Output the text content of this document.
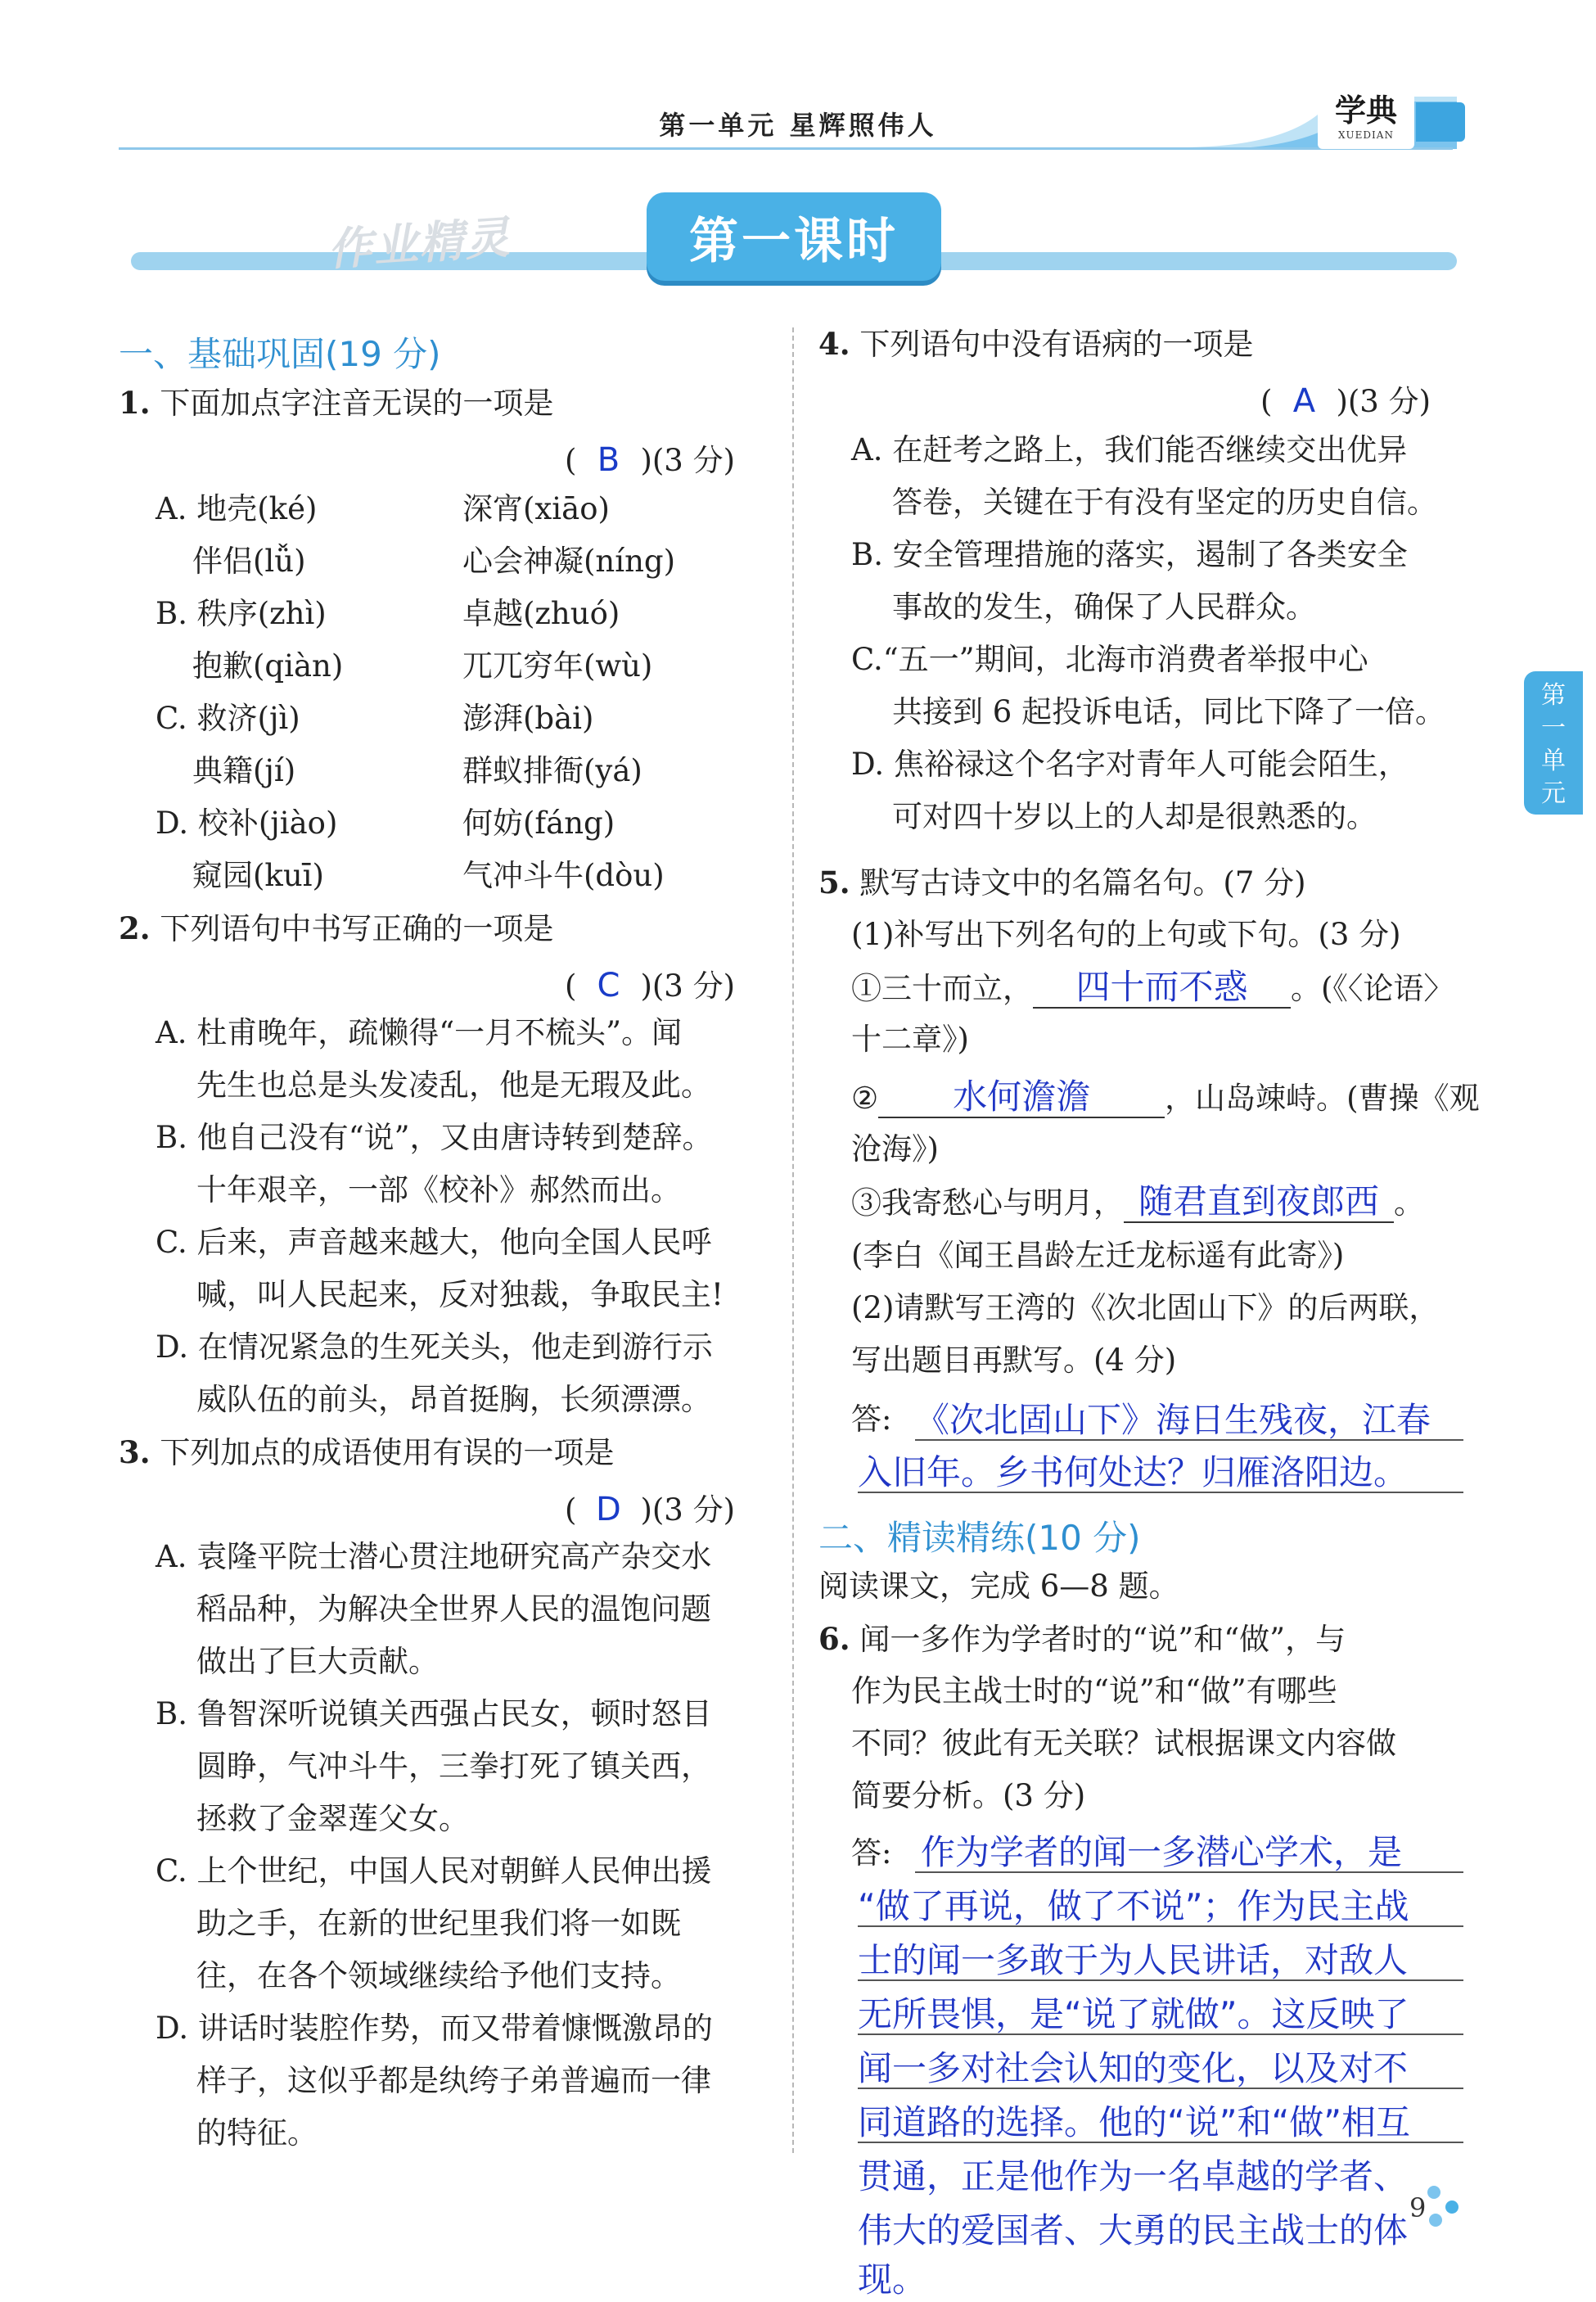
第一单元 星辉照伟人	学典
XUEDIAN
作业精灵	第一课时
第一单元
一、基础巩固(19 分)
1. 下面加点字注音无误的一项是
( B )(3 分)
A. 地壳(ké)	深宵(xiāo)
伴侣(lǚ)	心会神凝(níng)
B. 秩序(zhì)	卓越(zhuó)
抱歉(qiàn)	兀兀穷年(wù)
C. 救济(jì)	澎湃(bài)
典籍(jí)	群蚁排衙(yá)
D. 校补(jiào)	何妨(fáng)
窥园(kuī)	气冲斗牛(dòu)
2. 下列语句中书写正确的一项是
( C )(3 分)
A. 杜甫晚年，疏懒得“一月不梳头”。闻
先生也总是头发凌乱，他是无瑕及此。
B. 他自己没有“说”，又由唐诗转到楚辞。
十年艰辛，一部《校补》郝然而出。
C. 后来，声音越来越大，他向全国人民呼
喊，叫人民起来，反对独裁，争取民主!
D. 在情况紧急的生死关头，他走到游行示
威队伍的前头，昂首挺胸，长须漂漂。
3. 下列加点的成语使用有误的一项是
( D )(3 分)
A. 袁隆平院士潜心贯注地研究高产杂交水
稻品种，为解决全世界人民的温饱问题
做出了巨大贡献。
B. 鲁智深听说镇关西强占民女，顿时怒目
圆睁，气冲斗牛，三拳打死了镇关西，
拯救了金翠莲父女。
C. 上个世纪，中国人民对朝鲜人民伸出援
助之手，在新的世纪里我们将一如既
往，在各个领域继续给予他们支持。
D. 讲话时装腔作势，而又带着慷慨激昂的
样子，这似乎都是纨绔子弟普遍而一律
的特征。
4. 下列语句中没有语病的一项是
( A )(3 分)
A. 在赶考之路上，我们能否继续交出优异
答卷，关键在于有没有坚定的历史自信。
B. 安全管理措施的落实，遏制了各类安全
事故的发生，确保了人民群众。
C.“五一”期间，北海市消费者举报中心
共接到 6 起投诉电话，同比下降了一倍。
D. 焦裕禄这个名字对青年人可能会陌生，
可对四十岁以上的人却是很熟悉的。
5. 默写古诗文中的名篇名句。(7 分)
(1)补写出下列名句的上句或下句。(3 分)
①三十而立， 四十而不惑 。(《〈论语〉
十二章》)
② 水何澹澹 ，山岛竦峙。(曹操《观
沧海》)
③我寄愁心与明月， 随君直到夜郎西 。
(李白《闻王昌龄左迁龙标遥有此寄》)
(2)请默写王湾的《次北固山下》的后两联，
写出题目再默写。(4 分)
答: 《次北固山下》海日生残夜，江春
入旧年。乡书何处达？归雁洛阳边。
二、精读精练(10 分)
阅读课文，完成 6—8 题。
6. 闻一多作为学者时的“说”和“做”，与
作为民主战士时的“说”和“做”有哪些
不同？彼此有无关联？试根据课文内容做
简要分析。(3 分)
答: 作为学者的闻一多潜心学术，是
“做了再说，做了不说”；作为民主战
士的闻一多敢于为人民讲话，对敌人
无所畏惧，是“说了就做”。这反映了
闻一多对社会认知的变化，以及对不
同道路的选择。他的“说”和“做”相互
贯通，正是他作为一名卓越的学者、
伟大的爱国者、大勇的民主战士的体
现。
9
